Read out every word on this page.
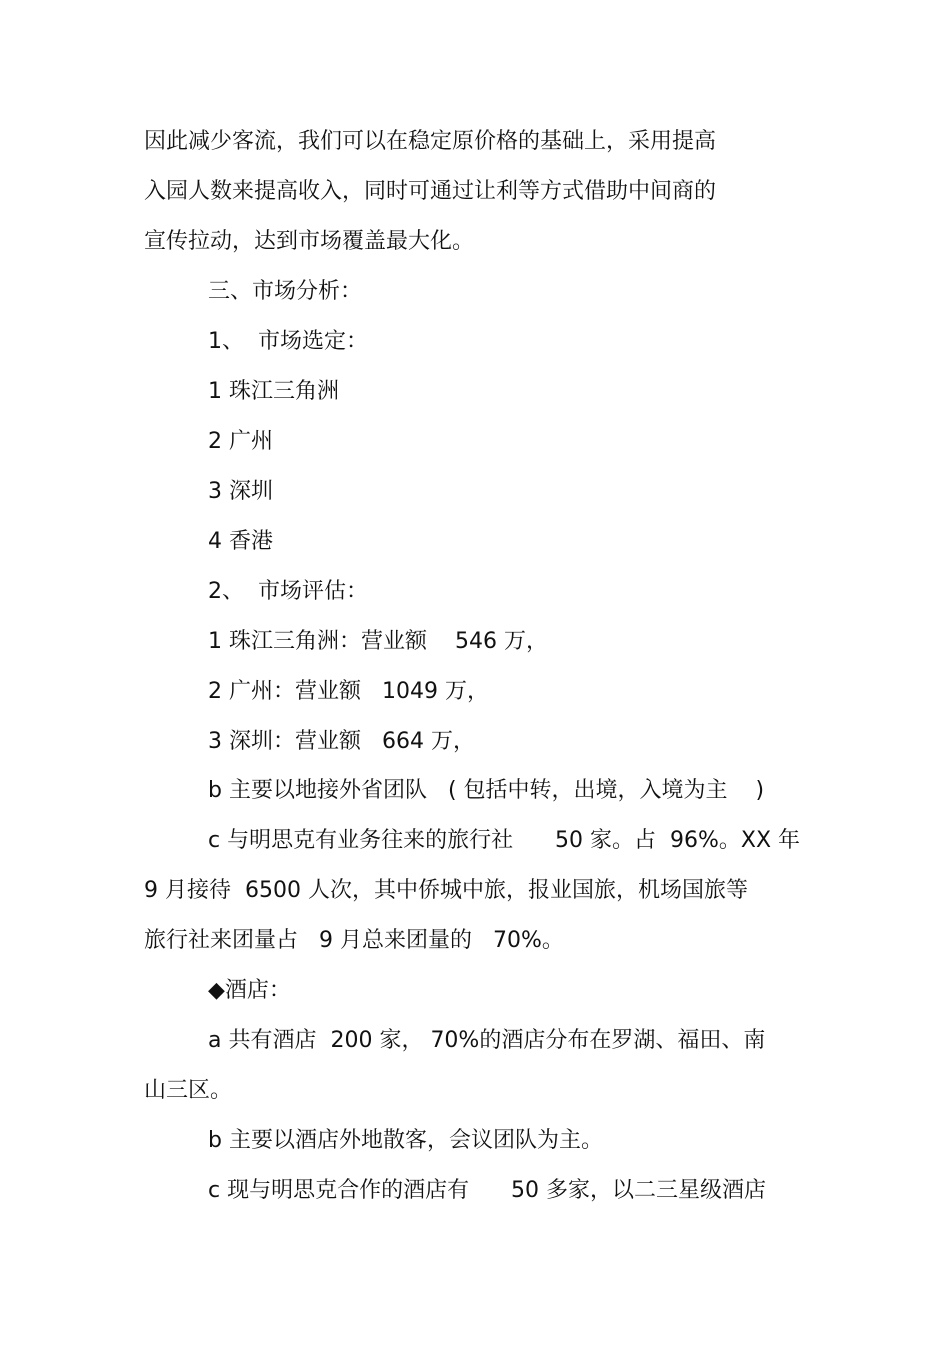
因此减少客流，我们可以在稳定原价格的基础上，采用提高
入园人数来提高收入，同时可通过让利等方式借助中间商的
宣传拉动，达到市场覆盖最大化。
三、市场分析：
1、  市场选定：
1 珠江三角洲
2 广州
3 深圳
4 香港
2、  市场评估：
1 珠江三角洲：营业额    546 万，
2 广州：营业额   1049 万，
3 深圳：营业额   664 万，
b 主要以地接外省团队   ( 包括中转，出境，入境为主    )
c 与明思克有业务往来的旅行社      50 家。占  96%。XX 年
9 月接待  6500 人次，其中侨城中旅，报业国旅，机场国旅等
旅行社来团量占   9 月总来团量的   70%。
◆酒店：
a 共有酒店  200 家， 70%的酒店分布在罗湖、福田、南
山三区。
b 主要以酒店外地散客，会议团队为主。
c 现与明思克合作的酒店有      50 多家，以二三星级酒店
